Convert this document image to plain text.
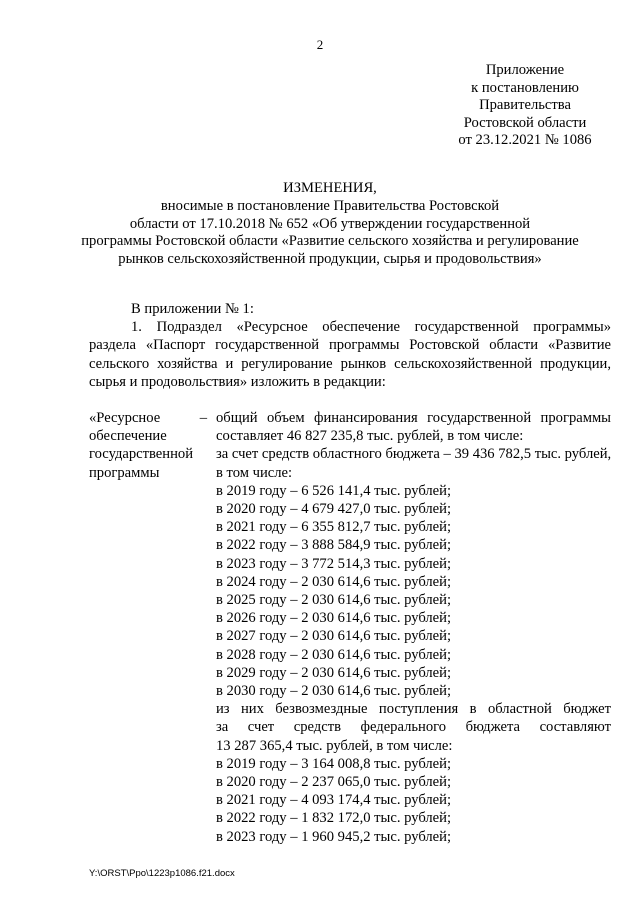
2
Приложение
к постановлению
Правительства
Ростовской области
от 23.12.2021 № 1086
ИЗМЕНЕНИЯ,
вносимые в постановление Правительства Ростовской
области от 17.10.2018 № 652 «Об утверждении государственной
программы Ростовской области «Развитие сельского хозяйства и регулирование
рынков сельскохозяйственной продукции, сырья и продовольствия»
В приложении № 1:
1. Подраздел «Ресурсное обеспечение государственной программы»
раздела «Паспорт государственной программы Ростовской области «Развитие
сельского хозяйства и регулирование рынков сельскохозяйственной продукции,
сырья и продовольствия» изложить в редакции:
«Ресурсное	–
обеспечение
государственной
программы
общий объем финансирования государственной программы
составляет 46 827 235,8 тыс. рублей, в том числе:
за счет средств областного бюджета – 39 436 782,5 тыс. рублей,
в том числе:
в 2019 году – 6 526 141,4 тыс. рублей;
в 2020 году – 4 679 427,0 тыс. рублей;
в 2021 году – 6 355 812,7 тыс. рублей;
в 2022 году – 3 888 584,9 тыс. рублей;
в 2023 году – 3 772 514,3 тыс. рублей;
в 2024 году – 2 030 614,6 тыс. рублей;
в 2025 году – 2 030 614,6 тыс. рублей;
в 2026 году – 2 030 614,6 тыс. рублей;
в 2027 году – 2 030 614,6 тыс. рублей;
в 2028 году – 2 030 614,6 тыс. рублей;
в 2029 году – 2 030 614,6 тыс. рублей;
в 2030 году – 2 030 614,6 тыс. рублей;
из них безвозмездные поступления в областной бюджет
за счет средств федерального бюджета составляют
13 287 365,4 тыс. рублей, в том числе:
в 2019 году – 3 164 008,8 тыс. рублей;
в 2020 году – 2 237 065,0 тыс. рублей;
в 2021 году – 4 093 174,4 тыс. рублей;
в 2022 году – 1 832 172,0 тыс. рублей;
в 2023 году – 1 960 945,2 тыс. рублей;
Y:\ORST\Ppo\1223p1086.f21.docx
